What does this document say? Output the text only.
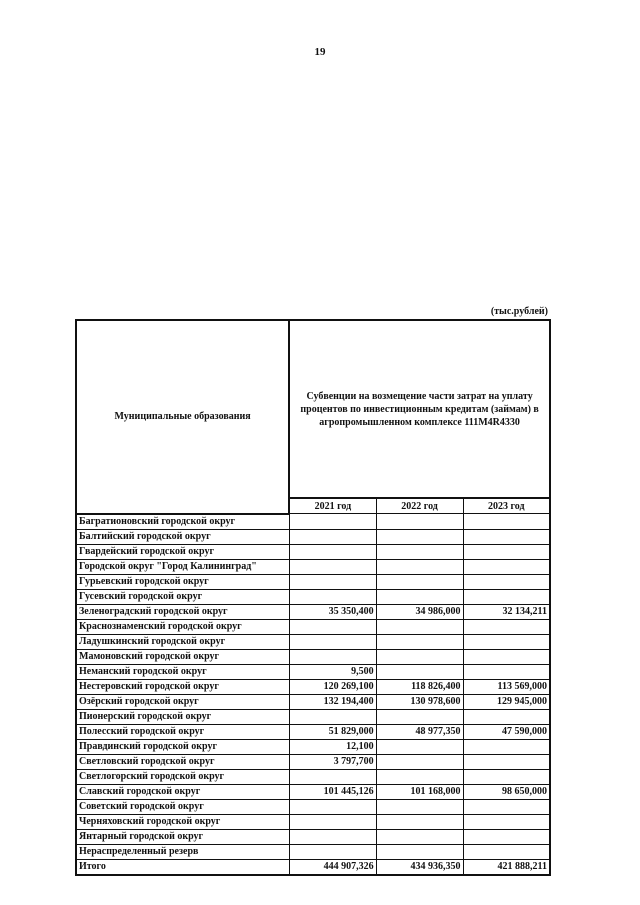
19
(тыс.рублей)
Муниципальные образования	Субвенции на возмещение части затрат на уплату процентов по инвестиционным кредитам (займам) в агропромышленном комплексе 111M4R4330		
	2021 год	2022 год	2023 год
Багратионовский городской округ			
Балтийский городской округ			
Гвардейский городской округ			
Городской округ "Город Калининград"			
Гурьевский городской округ			
Гусевский городской округ			
Зеленоградский городской округ	35 350,400	34 986,000	32 134,211
Краснознаменский городской округ			
Ладушкинский городской округ			
Мамоновский городской округ			
Неманский городской округ	9,500		
Нестеровский городской округ	120 269,100	118 826,400	113 569,000
Озёрский городской округ	132 194,400	130 978,600	129 945,000
Пионерский городской округ			
Полесский городской округ	51 829,000	48 977,350	47 590,000
Правдинский городской округ	12,100		
Светловский городской округ	3 797,700		
Светлогорский городской округ			
Славский городской округ	101 445,126	101 168,000	98 650,000
Советский городской округ			
Черняховский городской округ			
Янтарный городской округ			
Нераспределенный резерв			
Итого	444 907,326	434 936,350	421 888,211
